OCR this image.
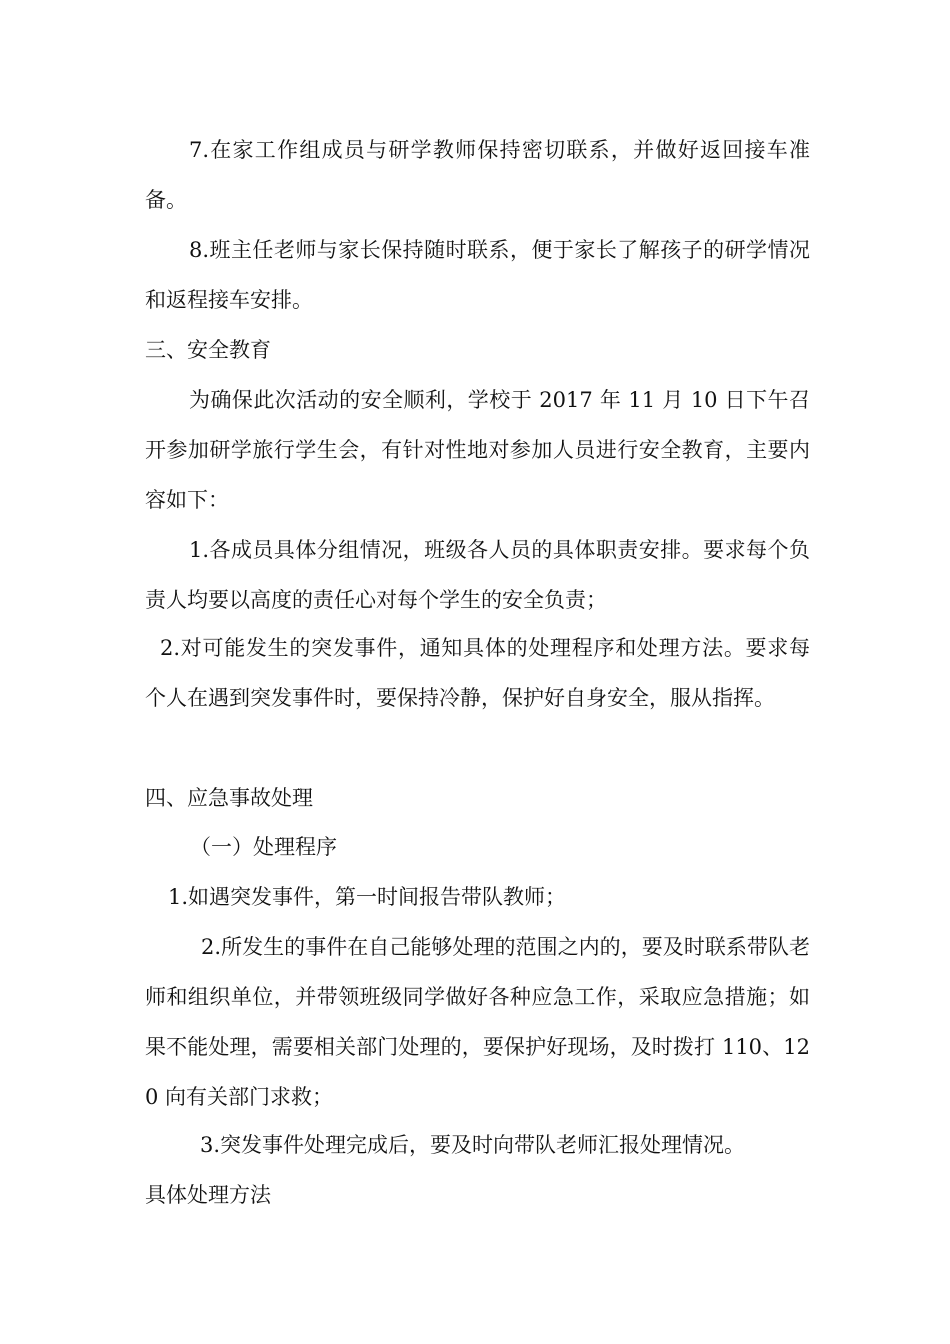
7.在家工作组成员与研学教师保持密切联系，并做好返回接车准备。

8.班主任老师与家长保持随时联系，便于家长了解孩子的研学情况和返程接车安排。

三、安全教育

为确保此次活动的安全顺利，学校于 2017 年 11 月 10 日下午召开参加研学旅行学生会，有针对性地对参加人员进行安全教育，主要内容如下：

1.各成员具体分组情况，班级各人员的具体职责安排。要求每个负责人均要以高度的责任心对每个学生的安全负责；

2.对可能发生的突发事件，通知具体的处理程序和处理方法。要求每个人在遇到突发事件时，要保持冷静，保护好自身安全，服从指挥。

四、应急事故处理

（一）处理程序

1.如遇突发事件，第一时间报告带队教师；

2.所发生的事件在自己能够处理的范围之内的，要及时联系带队老师和组织单位，并带领班级同学做好各种应急工作，采取应急措施；如果不能处理，需要相关部门处理的，要保护好现场，及时拨打 110、120 向有关部门求救；

3.突发事件处理完成后，要及时向带队老师汇报处理情况。

具体处理方法
